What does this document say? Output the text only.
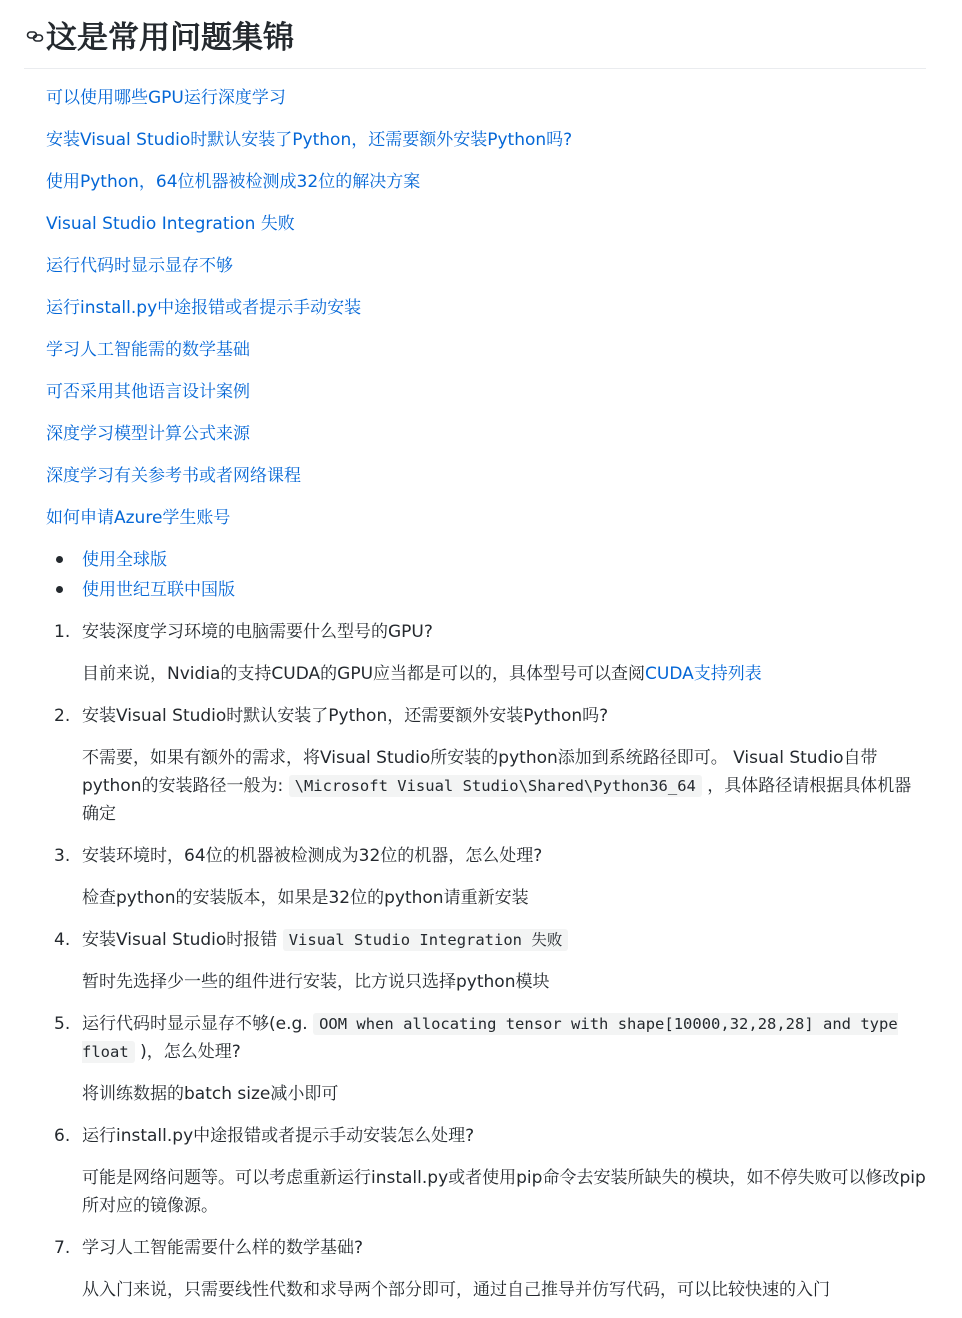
这是常用问题集锦
可以使用哪些GPU运行深度学习
安装Visual Studio时默认安装了Python，还需要额外安装Python吗?
使用Python，64位机器被检测成32位的解决方案
Visual Studio Integration 失败
运行代码时显示显存不够
运行install.py中途报错或者提示手动安装
学习人工智能需的数学基础
可否采用其他语言设计案例
深度学习模型计算公式来源
深度学习有关参考书或者网络课程
如何申请Azure学生账号
使用全球版
使用世纪互联中国版
1. 安装深度学习环境的电脑需要什么型号的GPU?

目前来说，Nvidia的支持CUDA的GPU应当都是可以的，具体型号可以查阅CUDA支持列表

2. 安装Visual Studio时默认安装了Python，还需要额外安装Python吗?

不需要，如果有额外的需求，将Visual Studio所安装的python添加到系统路径即可。 Visual Studio自带python的安装路径一般为: \Microsoft Visual Studio\Shared\Python36_64 ，具体路径请根据具体机器确定

3. 安装环境时，64位的机器被检测成为32位的机器，怎么处理?

检查python的安装版本，如果是32位的python请重新安装

4. 安装Visual Studio时报错 Visual Studio Integration 失败

暂时先选择少一些的组件进行安装，比方说只选择python模块

5. 运行代码时显示显存不够(e.g. OOM when allocating tensor with shape[10000,32,28,28] and type float )，怎么处理?

将训练数据的batch size减小即可

6. 运行install.py中途报错或者提示手动安装怎么处理?

可能是网络问题等。可以考虑重新运行install.py或者使用pip命令去安装所缺失的模块，如不停失败可以修改pip所对应的镜像源。

7. 学习人工智能需要什么样的数学基础?

从入门来说，只需要线性代数和求导两个部分即可，通过自己推导并仿写代码，可以比较快速的入门
